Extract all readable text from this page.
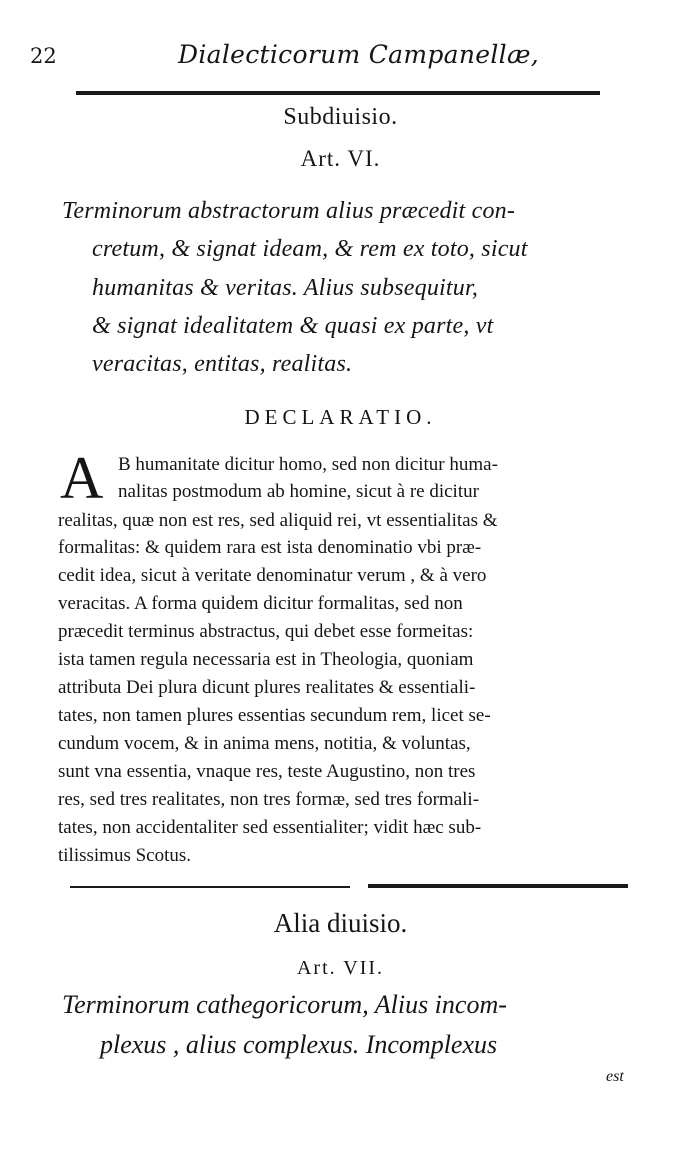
22	Dialecticorum Campanellæ,
Subdiuisio.
Art. VI.
Terminorum abstractorum alius præcedit con-
cretum, & signat ideam, & rem ex toto, sicut
humanitas & veritas. Alius subsequitur,
& signat idealitatem & quasi ex parte, vt
veracitas, entitas, realitas.
DECLARATIO.
A B humanitate dicitur homo, sed non dicitur huma-
nalitas postmodum ab homine, sicut à re dicitur
realitas, quæ non est res, sed aliquid rei, vt essentialitas &
formalitas: & quidem rara est ista denominatio vbi præ-
cedit idea, sicut à veritate denominatur verum , & à vero
veracitas. A forma quidem dicitur formalitas, sed non
præcedit terminus abstractus, qui debet esse formeitas:
ista tamen regula necessaria est in Theologia, quoniam
attributa Dei plura dicunt plures realitates & essentiali-
tates, non tamen plures essentias secundum rem, licet se-
cundum vocem, & in anima mens, notitia, & voluntas,
sunt vna essentia, vnaque res, teste Augustino, non tres
res, sed tres realitates, non tres formæ, sed tres formali-
tates, non accidentaliter sed essentialiter; vidit hæc sub-
tilissimus Scotus.
Alia diuisio.
Art. VII.
Terminorum cathegoricorum, Alius incom-
plexus , alius complexus. Incomplexus
est
